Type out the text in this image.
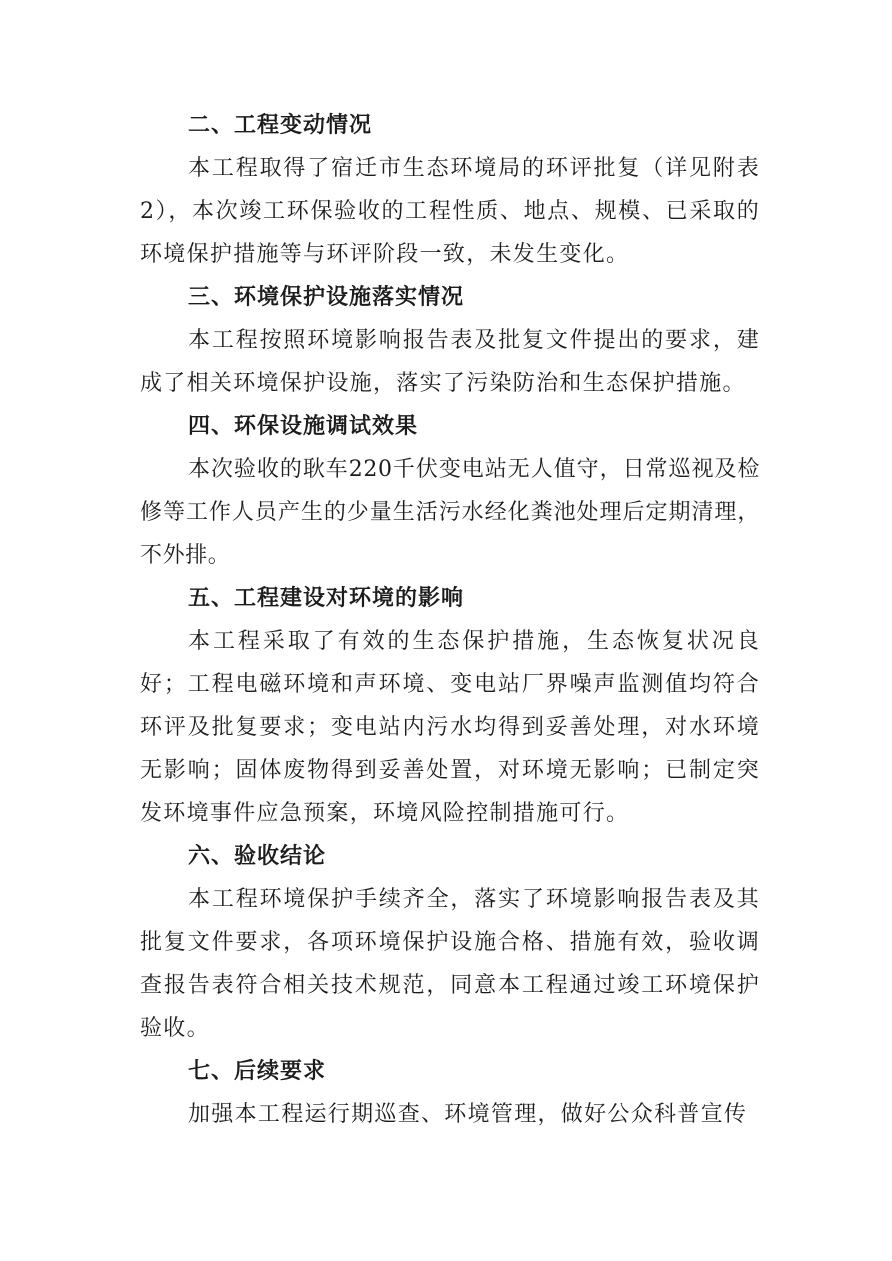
二、工程变动情况

本工程取得了宿迁市生态环境局的环评批复（详见附表2），本次竣工环保验收的工程性质、地点、规模、已采取的环境保护措施等与环评阶段一致，未发生变化。

三、环境保护设施落实情况

本工程按照环境影响报告表及批复文件提出的要求，建成了相关环境保护设施，落实了污染防治和生态保护措施。

四、环保设施调试效果

本次验收的耿车220千伏变电站无人值守，日常巡视及检修等工作人员产生的少量生活污水经化粪池处理后定期清理，不外排。

五、工程建设对环境的影响

本工程采取了有效的生态保护措施，生态恢复状况良好；工程电磁环境和声环境、变电站厂界噪声监测值均符合环评及批复要求；变电站内污水均得到妥善处理，对水环境无影响；固体废物得到妥善处置，对环境无影响；已制定突发环境事件应急预案，环境风险控制措施可行。

六、验收结论

本工程环境保护手续齐全，落实了环境影响报告表及其批复文件要求，各项环境保护设施合格、措施有效，验收调查报告表符合相关技术规范，同意本工程通过竣工环境保护验收。

七、后续要求

加强本工程运行期巡查、环境管理，做好公众科普宣传
